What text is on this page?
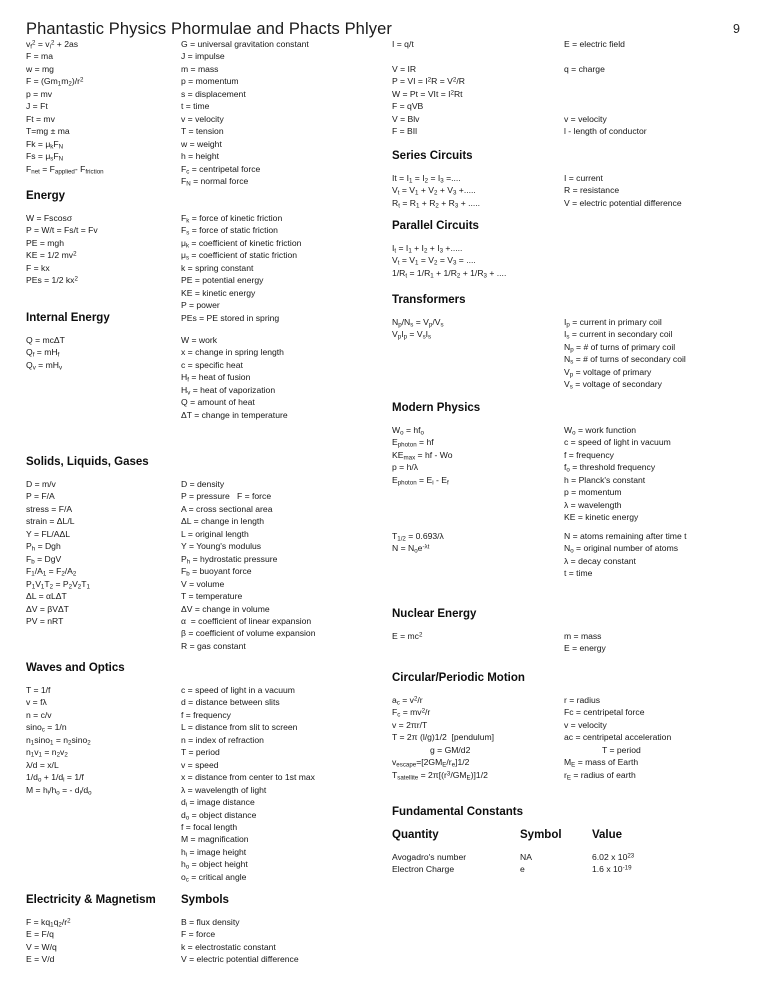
Phantastic Physics Phormulae and Phacts Phlyer	9
$v_f^2 = v_i^2 + 2as$
F = ma
w = mg
$F = (Gm_1m_2)/r^2$
p = mv
J = Ft
Ft = mv
T=mg ± ma
$Fk = \mu_kF_N$
$Fs = \mu_sF_N$
$F_{net} = F_{applied}-$ $F_{friction}$
G = universal gravitation constant
J = impulse
m = mass
p = momentum
s = displacement
t = time
v = velocity
T = tension
w = weight
h = height
$F_c$ = centripetal force
$F_N$ = normal force
Energy
W = Fscosσ
P = W/t = Fs/t = Fv
PE = mgh
KE = 1/2 $mv^2$
F = kx
PEs = 1/2 $kx^2$
$F_k$ = force of kinetic friction
$F_s$ = force of static friction
$\mu_k$ = coefficient of kinetic friction
$\mu_s$ = coefficient of static friction
k = spring constant
PE = potential energy
KE = kinetic energy
P = power
PEs = PE stored in spring
Internal Energy
Q = mcΔT
$Q_f = mH_f$
$Q_v = mH_v$
W = work
x = change in spring length
c = specific heat
$H_f$ = heat of fusion
$H_v$ = heat of vaporization
Q = amount of heat
ΔT = change in temperature
Solids, Liquids, Gases
D = m/v
P = F/A
stress = F/A
strain = ΔL/L
Y = FL/AΔL
$P_h$ = Dgh
$F_b$ = DgV
$F_1/A_1 = F_2/A_2$
$P_1V_1T_2 = P_2V_2T_1$
ΔL = αLΔT
ΔV = βVΔT
PV = nRT
D = density
P = pressure   F = force
A = cross sectional area
ΔL = change in length
L = original length
Y = Young's modulus
$P_h$ = hydrostatic pressure
$F_b$ = buoyant force
V = volume
T = temperature
ΔV = change in volume
α  = coefficient of linear expansion
β = coefficient of volume expansion
R = gas constant
Waves and Optics
T = 1/f
v = fλ
n = c/v
sino$_c$ = 1/n
$n_1\sin o_1 = n_2\sin o_2$
$n_1v_1 = n_2v_2$
λ/d = x/L
$1/d_o + 1/d_i = 1/f$
$M = h_i/h_o$ = - $d_i/d_o$
c = speed of light in a vacuum
d = distance between slits
f = frequency
L = distance from slit to screen
n = index of refraction
T = period
v = speed
x = distance from center to 1st max
λ = wavelength of light
$d_i$ = image distance
$d_o$ = object distance
f = focal length
M = magnification
$h_i$ = image height
$h_o$ = object height
$o_c$ = critical angle
Electricity & Magnetism	Symbols
$F = kq_1q_2/r^2$
E = F/q
V = W/q
E = V/d
B = flux density
F = force
k = electrostatic constant
V = electric potential difference
I = q/t

V = IR
P = VI = $I^2R = V^2/R$
W = Pt = VIt = $I^2Rt$
F = qVB
V = Blv
F = BIl
E = electric field

q = charge

v = velocity
l - length of conductor
Series Circuits
$It = I_1 = I_2 = I_3$ =....
$V_t = V_1 + V_2 + V_3$ +.....
$R_t = R_1 + R_2 + R_3$ + .....
I = current
R = resistance
V = electric potential difference
Parallel Circuits
$I_t = I_1 + I_2 + I_3$ +.....
$V_t = V_1 = V_2 = V_3$ = ....
$1/R_t = 1/R_1 + 1/R_2 + 1/R_3$ + ....
Transformers
$N_p/N_s = V_p/V_s$
$V_pI_p = V_sI_s$
$I_p$ = current in primary coil
$I_s$ = current in secondary coil
$N_p$ = # of turns of primary coil
$N_s$ = # of turns of secondary coil
$V_p$ = voltage of primary
$V_s$ = voltage of secondary
Modern Physics
$W_o = hf_o$
$E_{photon}$ = hf
$KE_{max}$ = hf - Wo
p = h/λ
$E_{photon} = E_i - E_f$
$W_o$ = work function
c = speed of light in vacuum
f = frequency
$f_o$ = threshold frequency
h = Planck's constant
p = momentum
λ = wavelength
KE = kinetic energy
$T_{1/2} = 0.693/\lambda$
$N = N_oe^{-\lambda t}$
N = atoms remaining after time t
$N_o$ = original number of atoms
λ = decay constant
t = time
Nuclear Energy
$E = mc^2$	m = mass
E = energy
Circular/Periodic Motion
$a_c = v^2/r$
$F_c = mv^2/r$
v = 2πr/T
T = 2π (l/g)1/2  [pendulum]
g = GM/d2
$v_{escape}=[2GM_E/r_e]1/2$
$T_{satellite} = 2\pi[(r^3/GM_E)]1/2$
r = radius
Fc = centripetal force
v = velocity
ac = centripetal acceleration
T = period
$M_E$ = mass of Earth
$r_E$ = radius of earth
Fundamental Constants
Quantity	Symbol	Value
Avogadro's number	NA	6.02 x $10^{23}$
Electron Charge	e	1.6 x $10^{-19}$
